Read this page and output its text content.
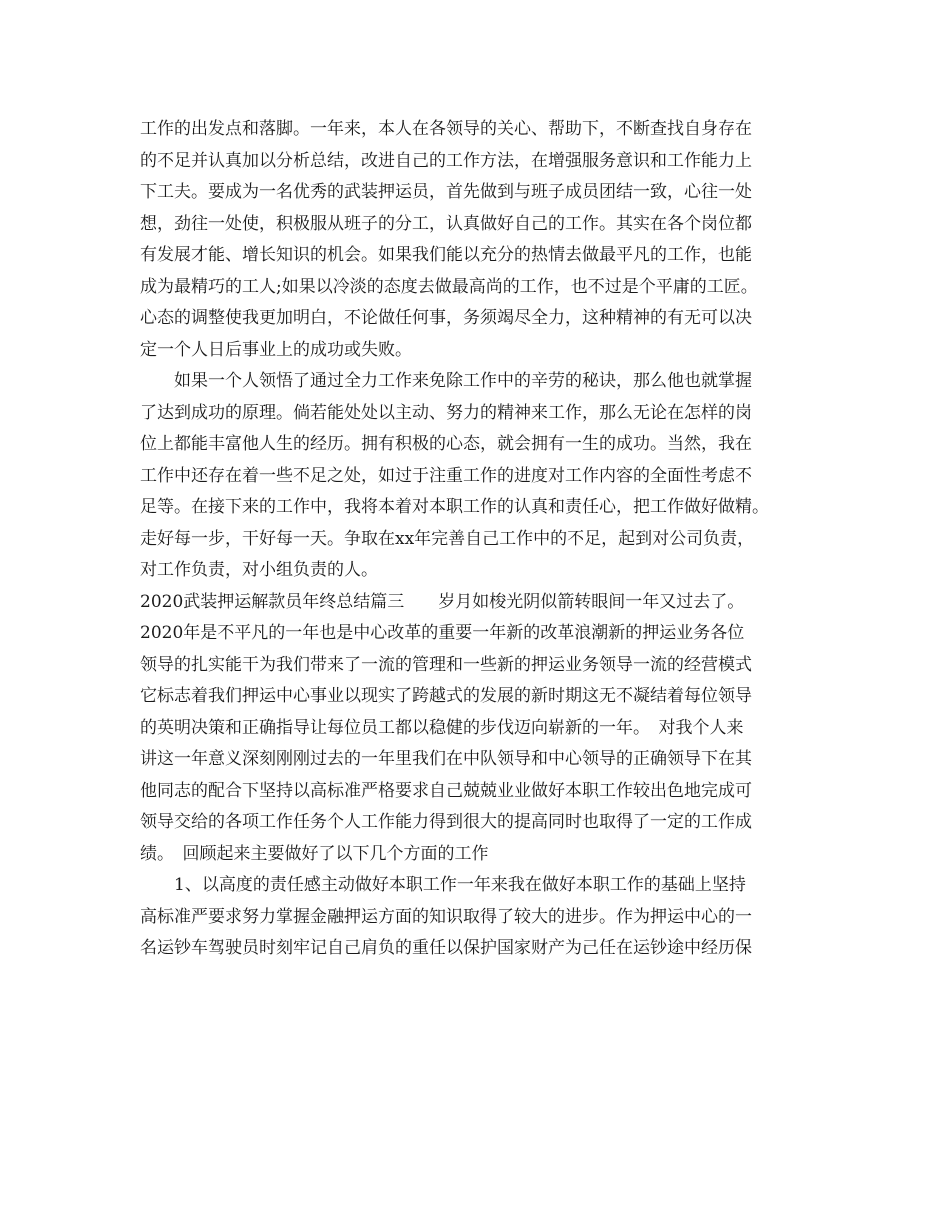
工作的出发点和落脚。一年来，本人在各领导的关心、帮助下，不断查找自身存在
的不足并认真加以分析总结，改进自己的工作方法，在增强服务意识和工作能力上
下工夫。要成为一名优秀的武装押运员，首先做到与班子成员团结一致，心往一处
想，劲往一处使，积极服从班子的分工，认真做好自己的工作。其实在各个岗位都
有发展才能、增长知识的机会。如果我们能以充分的热情去做最平凡的工作，也能
成为最精巧的工人;如果以冷淡的态度去做最高尚的工作，也不过是个平庸的工匠。
心态的调整使我更加明白，不论做任何事，务须竭尽全力，这种精神的有无可以决
定一个人日后事业上的成功或失败。
如果一个人领悟了通过全力工作来免除工作中的辛劳的秘诀，那么他也就掌握
了达到成功的原理。倘若能处处以主动、努力的精神来工作，那么无论在怎样的岗
位上都能丰富他人生的经历。拥有积极的心态，就会拥有一生的成功。当然，我在
工作中还存在着一些不足之处，如过于注重工作的进度对工作内容的全面性考虑不
足等。在接下来的工作中，我将本着对本职工作的认真和责任心，把工作做好做精。
走好每一步，干好每一天。争取在xx年完善自己工作中的不足，起到对公司负责，
对工作负责，对小组负责的人。
2020武装押运解款员年终总结篇三　　岁月如梭光阴似箭转眼间一年又过去了。
2020年是不平凡的一年也是中心改革的重要一年新的改革浪潮新的押运业务各位
领导的扎实能干为我们带来了一流的管理和一些新的押运业务领导一流的经营模式
它标志着我们押运中心事业以现实了跨越式的发展的新时期这无不凝结着每位领导
的英明决策和正确指导让每位员工都以稳健的步伐迈向崭新的一年。　对我个人来
讲这一年意义深刻刚刚过去的一年里我们在中队领导和中心领导的正确领导下在其
他同志的配合下坚持以高标准严格要求自己兢兢业业做好本职工作较出色地完成可
领导交给的各项工作任务个人工作能力得到很大的提高同时也取得了一定的工作成
绩。　回顾起来主要做好了以下几个方面的工作
1、以高度的责任感主动做好本职工作一年来我在做好本职工作的基础上坚持
高标准严要求努力掌握金融押运方面的知识取得了较大的进步。作为押运中心的一
名运钞车驾驶员时刻牢记自己肩负的重任以保护国家财产为己任在运钞途中经历保
